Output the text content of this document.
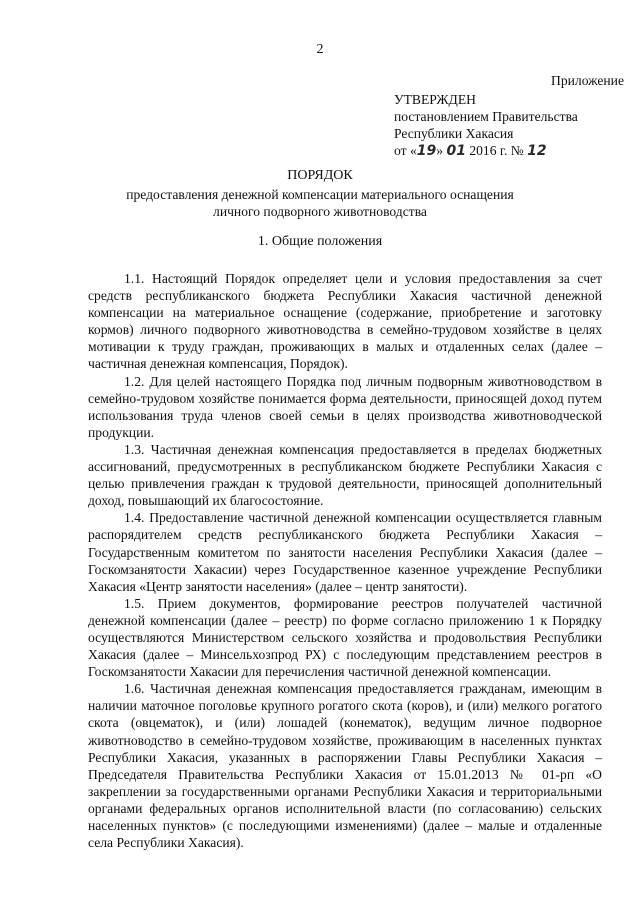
2
Приложение
УТВЕРЖДЕН
постановлением Правительства
Республики Хакасия
от «19» 01 2016 г. № 12
ПОРЯДОК
предоставления денежной компенсации материального оснащения личного подворного животноводства
1. Общие положения

1.1. Настоящий Порядок определяет цели и условия предоставления за счет средств республиканского бюджета Республики Хакасия частичной денежной компенсации на материальное оснащение (содержание, приобретение и заготовку кормов) личного подворного животноводства в семейно-трудовом хозяйстве в целях мотивации к труду граждан, проживающих в малых и отдаленных селах (далее – частичная денежная компенсация, Порядок).

1.2. Для целей настоящего Порядка под личным подворным животноводством в семейно-трудовом хозяйстве понимается форма деятельности, приносящей доход путем использования труда членов своей семьи в целях производства животноводческой продукции.

1.3. Частичная денежная компенсация предоставляется в пределах бюджетных ассигнований, предусмотренных в республиканском бюджете Республики Хакасия с целью привлечения граждан к трудовой деятельности, приносящей дополнительный доход, повышающий их благосостояние.

1.4. Предоставление частичной денежной компенсации осуществляется главным распорядителем средств республиканского бюджета Республики Хакасия – Государственным комитетом по занятости населения Республики Хакасия (далее – Госкомзанятости Хакасии) через Государственное казенное учреждение Республики Хакасия «Центр занятости населения» (далее – центр занятости).

1.5. Прием документов, формирование реестров получателей частичной денежной компенсации (далее – реестр) по форме согласно приложению 1 к Порядку осуществляются Министерством сельского хозяйства и продовольствия Республики Хакасия (далее – Минсельхозпрод РХ) с последующим представлением реестров в Госкомзанятости Хакасии для перечисления частичной денежной компенсации.

1.6. Частичная денежная компенсация предоставляется гражданам, имеющим в наличии маточное поголовье крупного рогатого скота (коров), и (или) мелкого рогатого скота (овцематок), и (или) лошадей (конематок), ведущим личное подворное животноводство в семейно-трудовом хозяйстве, проживающим в населенных пунктах Республики Хакасия, указанных в распоряжении Главы Республики Хакасия – Председателя Правительства Республики Хакасия от 15.01.2013 № 01-рп «О закреплении за государственными органами Республики Хакасия и территориальными органами федеральных органов исполнительной власти (по согласованию) сельских населенных пунктов» (с последующими изменениями) (далее – малые и отдаленные села Республики Хакасия).
